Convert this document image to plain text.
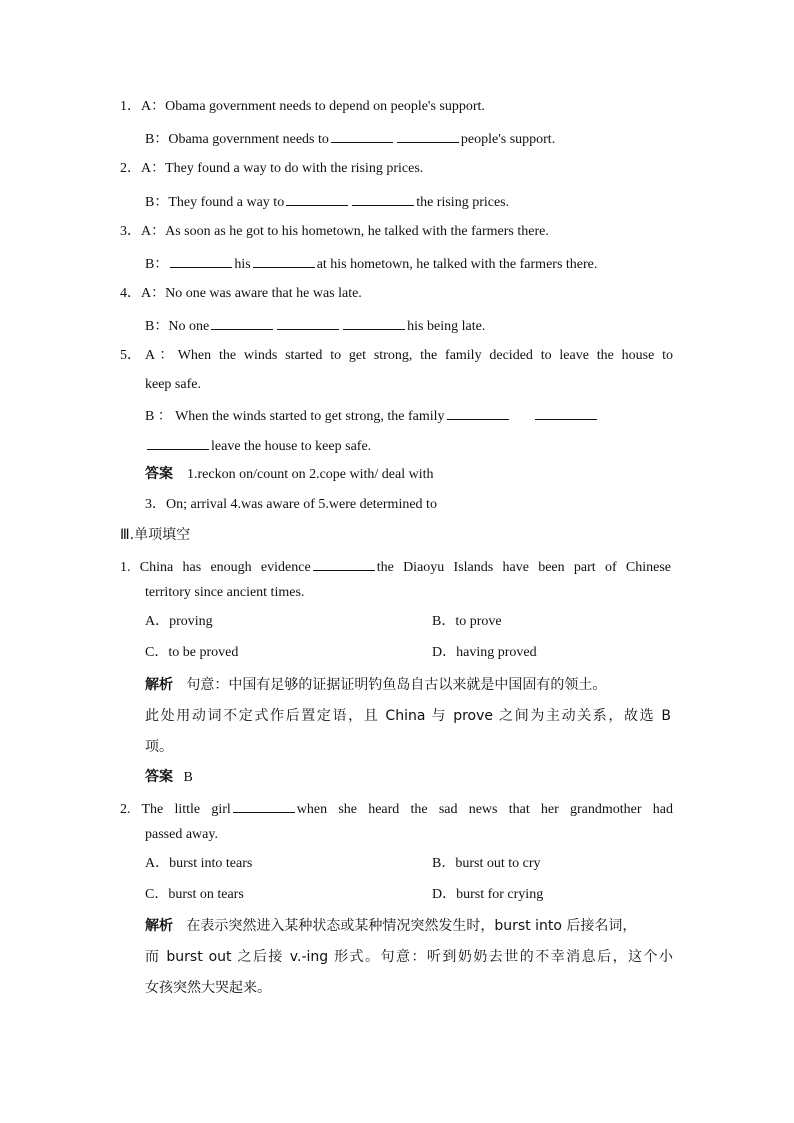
1．A：Obama government needs to depend on people's support.
B：Obama government needs to	people's support.
2．A：They found a way to do with the rising prices.
B：They found a way to	the rising prices.
3．A：As soon as he got to his hometown, he talked with the farmers there.
B：	his	at his hometown, he talked with the farmers there.
4．A：No one was aware that he was late.
B：No one	his being late.
5． A：When the winds started to get strong, the family decided to leave the house to
keep safe.
B ： When the winds started to get strong, the family
leave the house to keep safe.
答案 1.reckon on/count on 2.cope with/ deal with
3．On; arrival 4.was aware of 5.were determined to
Ⅲ.单项填空
1. China has enough evidence	the Diaoyu Islands have been part of Chinese
territory since ancient times.
A．proving	B．to prove
C．to be proved	D．having proved
解析 句意：中国有足够的证据证明钓鱼岛自古以来就是中国固有的领土。
此处用动词不定式作后置定语，且 China 与 prove 之间为主动关系，故选 B
项。
答案 B
2. The little girl	when she heard the sad news that her grandmother had
passed away.
A．burst into tears	B．burst out to cry
C．burst on tears	D．burst for crying
解析 在表示突然进入某种状态或某种情况突然发生时，burst into 后接名词，
而 burst out 之后接 v.-ing 形式。句意：听到奶奶去世的不幸消息后，这个小
女孩突然大哭起来。
